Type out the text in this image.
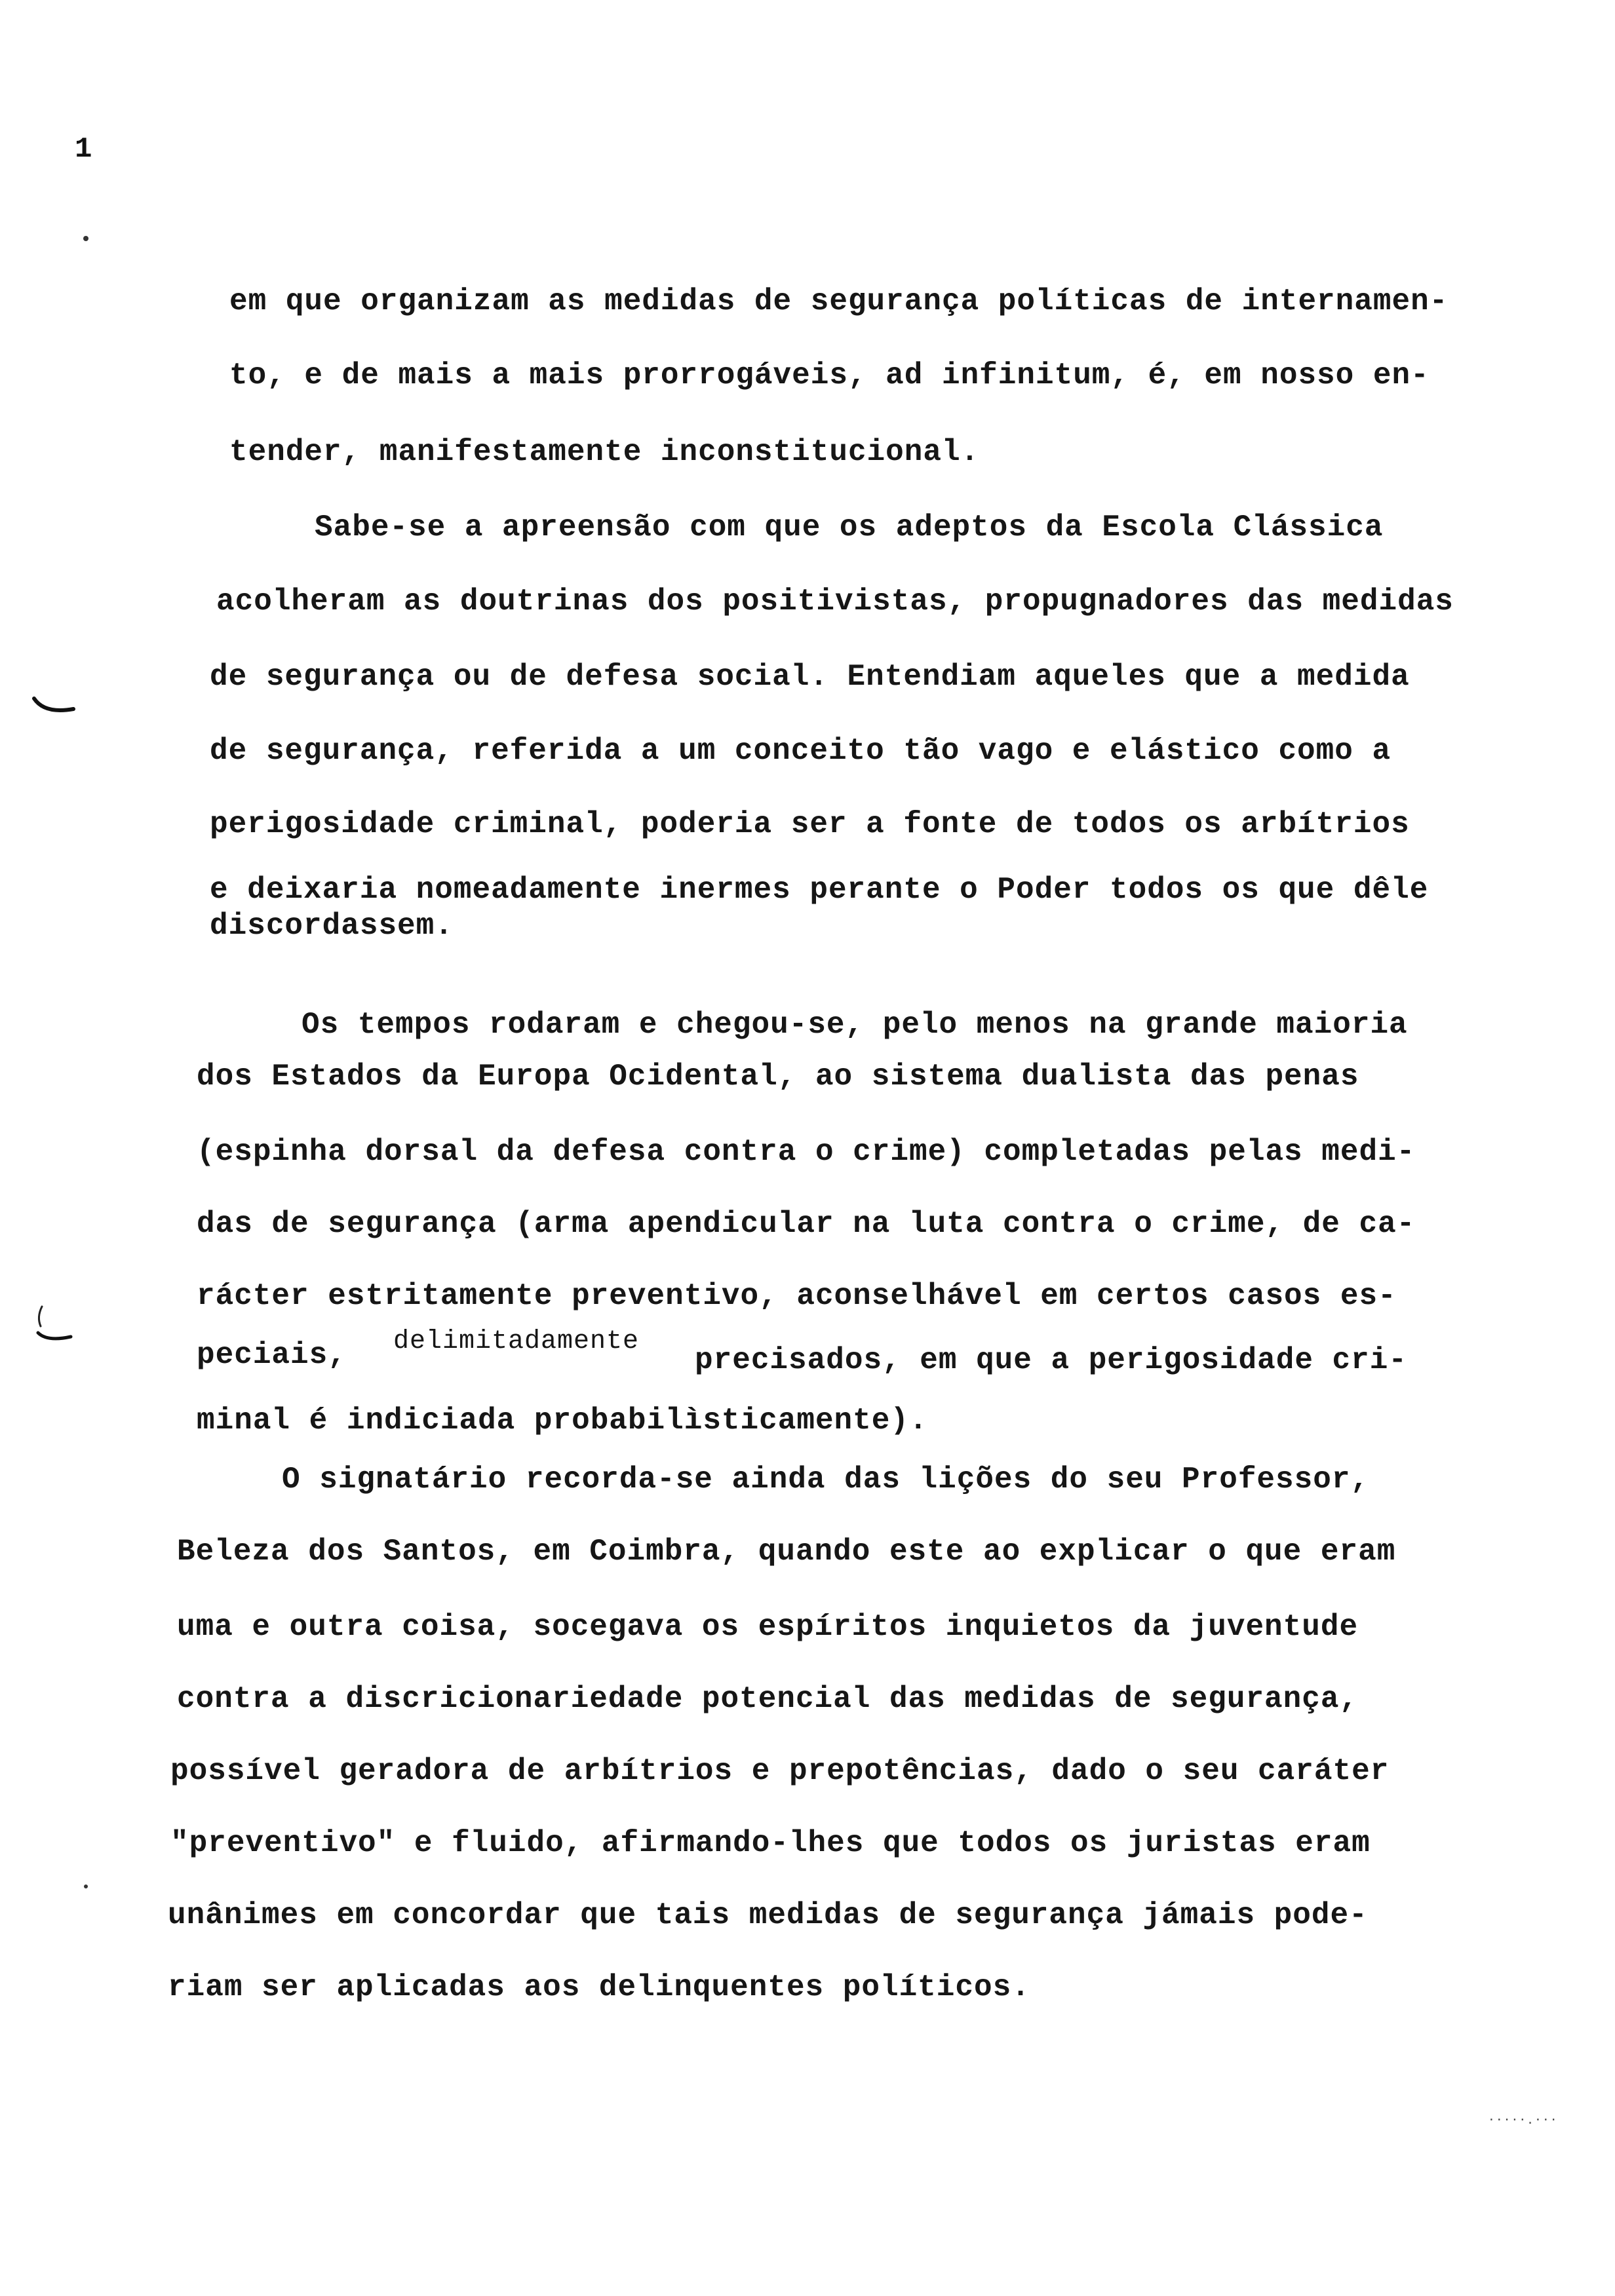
1
em que organizam as medidas de segurança políticas de internamen-
to, e de mais a mais prorrogáveis, ad infinitum, é, em nosso en-
tender, manifestamente inconstitucional.
Sabe-se a apreensão com que os adeptos da Escola Clássica
acolheram as doutrinas dos positivistas, propugnadores das medidas
de segurança ou de defesa social. Entendiam aqueles que a medida
de segurança, referida a um conceito tão vago e elástico como a
perigosidade criminal, poderia ser a fonte de todos os arbítrios
e deixaria nomeadamente inermes perante o Poder todos os que dêle
discordassem.
Os tempos rodaram e chegou-se, pelo menos na grande maioria
dos Estados da Europa Ocidental, ao sistema dualista das penas
(espinha dorsal da defesa contra o crime) completadas pelas medi-
das de segurança (arma apendicular na luta contra o crime, de ca-
rácter estritamente preventivo, aconselhável em certos casos es-
peciais, delimitadamente
precisados, em que a perigosidade cri-
minal é indiciada probabilìsticamente).
O signatário recorda-se ainda das lições do seu Professor,
Beleza dos Santos, em Coimbra, quando este ao explicar o que eram
uma e outra coisa, socegava os espíritos inquietos da juventude
contra a discricionariedade potencial das medidas de segurança,
possível geradora de arbítrios e prepotências, dado o seu caráter
"preventivo" e fluido, afirmando-lhes que todos os juristas eram
unânimes em concordar que tais medidas de segurança jámais pode-
riam ser aplicadas aos delinquentes políticos.
·····.···
